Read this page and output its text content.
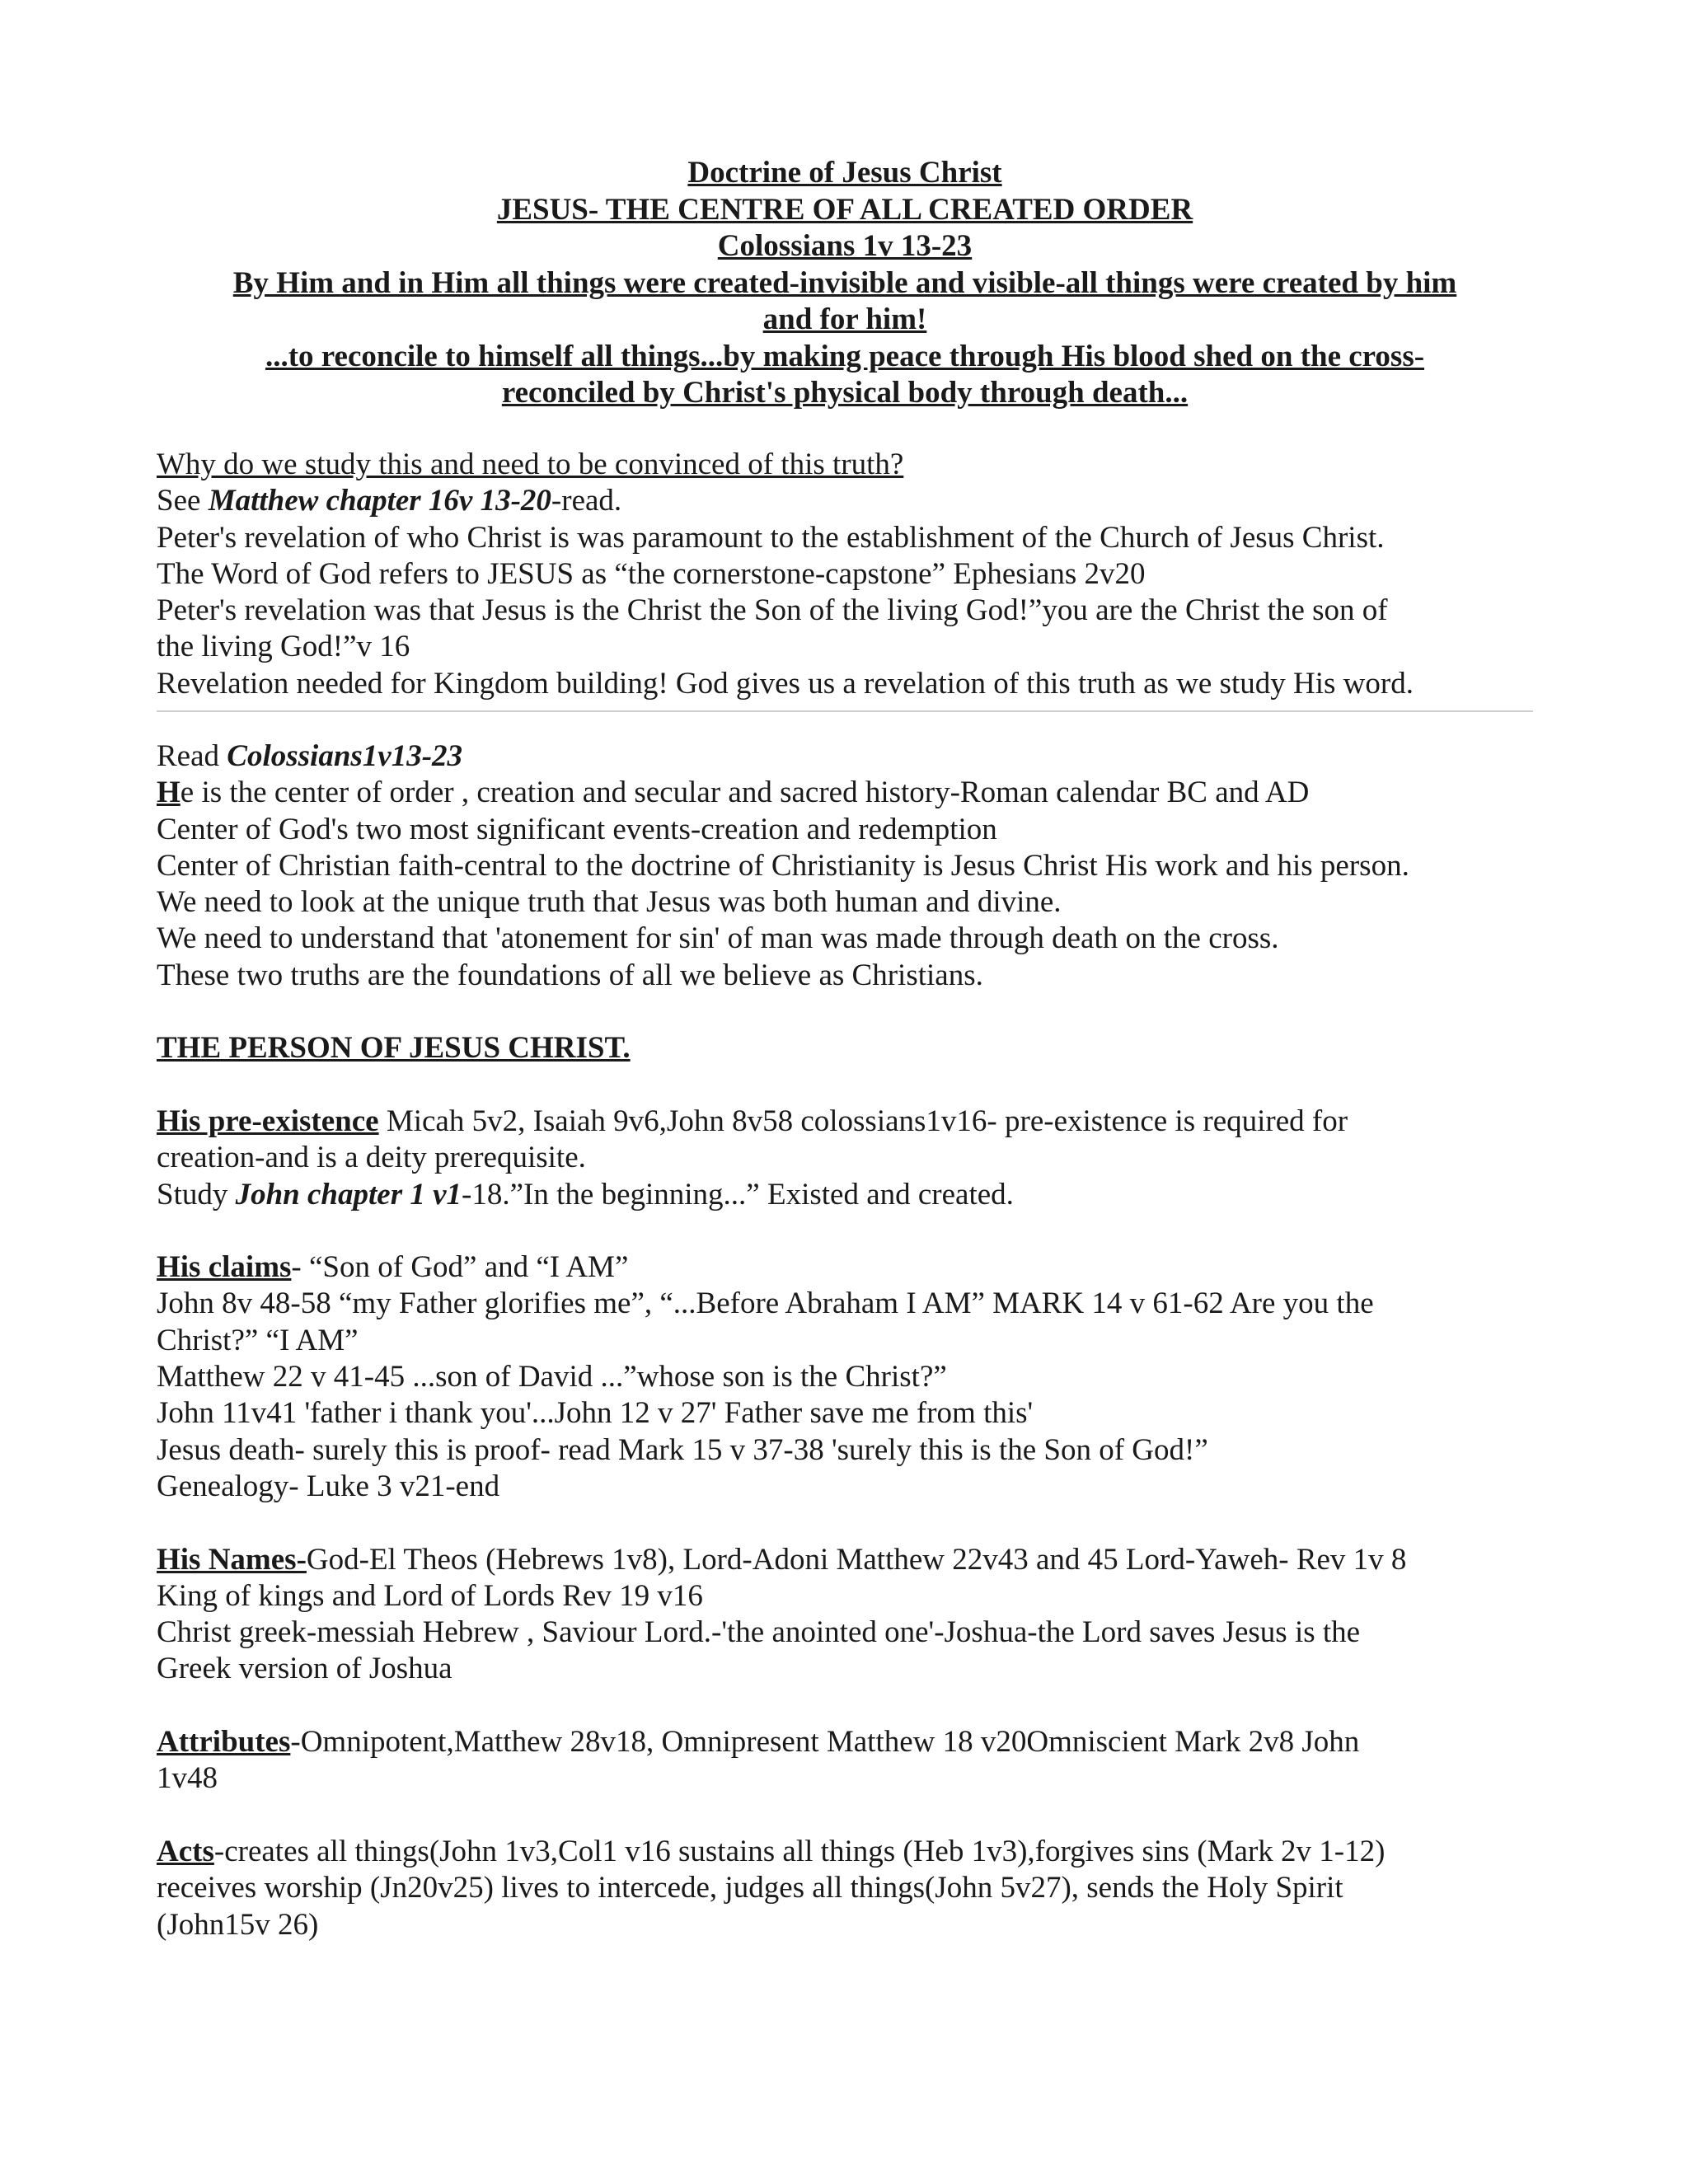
Doctrine of Jesus Christ
JESUS- THE CENTRE OF ALL CREATED ORDER
Colossians 1v 13-23
By Him and in Him all things were created-invisible and visible-all things were created by him
and for him!
...to reconcile to himself all things...by making peace through His blood shed on the cross-
reconciled by Christ's physical body through death...

Why do we study this and need to be convinced of this truth?

See Matthew chapter 16v 13-20-read.

Peter's revelation of who Christ is was paramount to the establishment of the Church of Jesus Christ.

The Word of God refers to JESUS as “the cornerstone-capstone” Ephesians 2v20

Peter's revelation was that Jesus is the Christ the Son of the living God!”you are the Christ the son of

the living God!”v 16

Revelation needed for Kingdom building! God gives us a revelation of this truth as we study His word.

Read Colossians1v13-23

He is the center of order , creation and secular and sacred history-Roman calendar BC and AD

Center of God's two most significant events-creation and redemption

Center of Christian faith-central to the doctrine of Christianity is Jesus Christ His work and his person.

We need to look at the unique truth that Jesus was both human and divine.

We need to understand that 'atonement for sin' of man was made through death on the cross.

These two truths are the foundations of all we believe as Christians.

THE PERSON OF JESUS CHRIST.

His pre-existence Micah 5v2, Isaiah 9v6,John 8v58 colossians1v16- pre-existence is required for

creation-and is a deity prerequisite.

Study John chapter 1 v1-18.”In the beginning...” Existed and created.

His claims- “Son of God” and “I AM”

John 8v 48-58 “my Father glorifies me”, “...Before Abraham I AM” MARK 14 v 61-62 Are you the

Christ?” “I AM”

Matthew 22 v 41-45 ...son of David ...”whose son is the Christ?”

John 11v41 'father i thank you'...John 12 v 27' Father save me from this'

Jesus death- surely this is proof- read Mark 15 v 37-38 'surely this is the Son of God!”

Genealogy- Luke 3 v21-end

His Names-God-El Theos (Hebrews 1v8), Lord-Adoni Matthew 22v43 and 45 Lord-Yaweh- Rev 1v 8

King of kings and Lord of Lords Rev 19 v16

Christ greek-messiah Hebrew , Saviour Lord.-'the anointed one'-Joshua-the Lord saves Jesus is the

Greek version of Joshua

Attributes-Omnipotent,Matthew 28v18, Omnipresent Matthew 18 v20Omniscient Mark 2v8 John

1v48

Acts-creates all things(John 1v3,Col1 v16 sustains all things (Heb 1v3),forgives sins (Mark 2v 1-12)

receives worship (Jn20v25) lives to intercede, judges all things(John 5v27), sends the Holy Spirit

(John15v 26)
